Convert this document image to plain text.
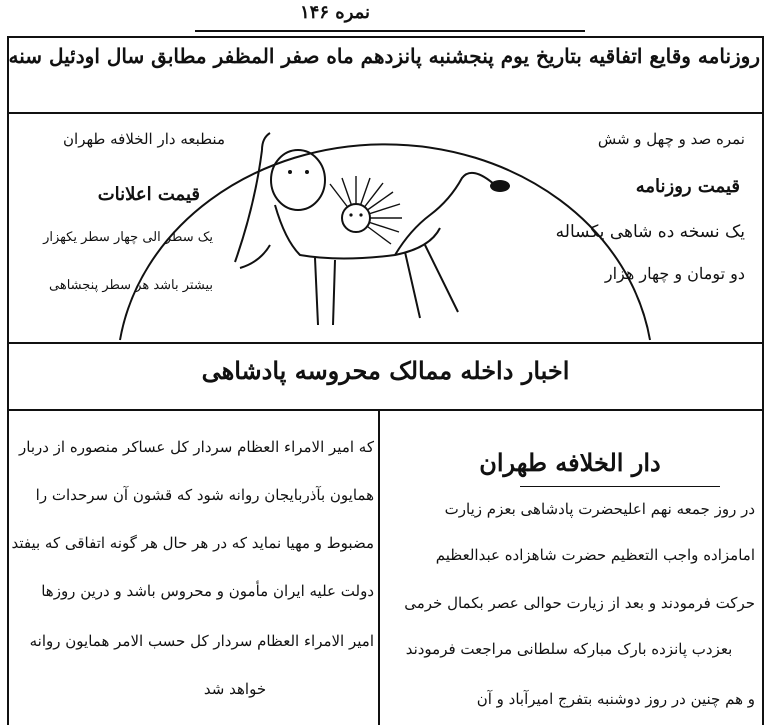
نمره ۱۴۶
روزنامه وقایع اتفاقیه بتاریخ یوم پنجشنبه پانزدهم ماه صفر المظفر مطابق سال اودئیل سنه
نمره صد و چهل و شش
قیمت روزنامه
یک نسخه ده شاهی یکساله
دو تومان و چهار هزار
منطبعه دار الخلافه طهران
قیمت اعلانات
یک سطر الی چهار سطر یکهزار
بیشتر باشد هر سطر پنجشاهی
اخبار داخله ممالک محروسه پادشاهی
دار الخلافه طهران
در روز جمعه نهم اعلیحضرت پادشاهی بعزم زیارت
امامزاده واجب التعظیم حضرت شاهزاده عبدالعظیم
حرکت فرمودند و بعد از زیارت حوالی عصر بکمال خرمی
بعزدب پانزده بارک مبارکه سلطانی مراجعت فرمودند
و هم چنین در روز دوشنبه بتفرج امیرآباد و آن
که امیر الامراء العظام سردار کل عساکر منصوره از دربار
همایون بآذربایجان روانه شود که قشون آن سرحدات را
مضبوط و مهیا نماید که در هر حال هر گونه اتفاقی که بیفتد
دولت علیه ایران مأمون و محروس باشد و درین روزها
امیر الامراء العظام سردار کل حسب الامر همایون روانه
خواهد شد
